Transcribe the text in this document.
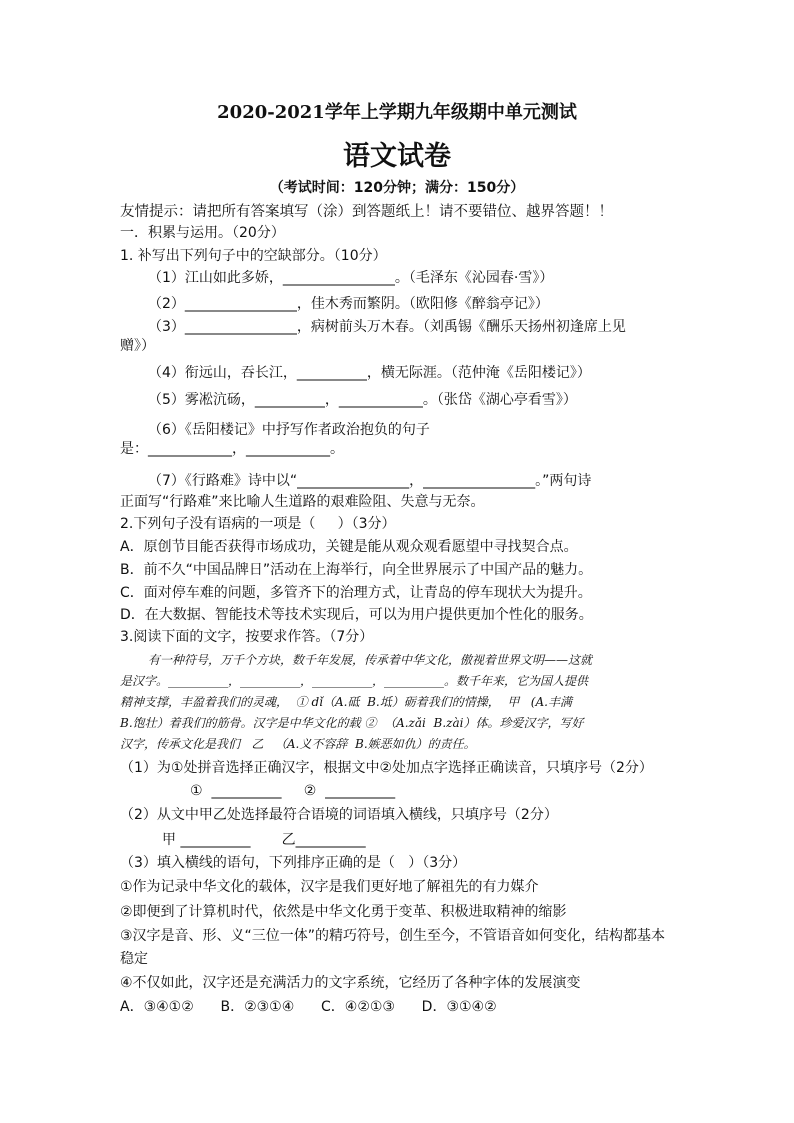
2020-2021学年上学期九年级期中单元测试
语文试卷
（考试时间：120分钟；满分：150分）
友情提示：请把所有答案填写（涂）到答题纸上！请不要错位、越界答题！！
一．积累与运用。（20分）
1. 补写出下列句子中的空缺部分。（10分）
（1）江山如此多娇，________________。（毛泽东《沁园春·雪》）
（2）________________，佳木秀而繁阴。（欧阳修《醉翁亭记》）
（3）________________，病树前头万木春。（刘禹锡《酬乐天扬州初逢席上见
赠》）
（4）衔远山，吞长江，__________，横无际涯。（范仲淹《岳阳楼记》）
（5）雾凇沆砀，__________，____________。（张岱《湖心亭看雪》）
（6）《岳阳楼记》中抒写作者政治抱负的句子
是：____________，____________。
（7）《行路难》诗中以“________________，________________。”两句诗
正面写“行路难”来比喻人生道路的艰难险阻、失意与无奈。
2.下列句子没有语病的一项是（     ）（3分）
A．原创节目能否获得市场成功，关键是能从观众观看愿望中寻找契合点。
B．前不久“中国品牌日”活动在上海举行，向全世界展示了中国产品的魅力。
C．面对停车难的问题，多管齐下的治理方式，让青岛的停车现状大为提升。
D．在大数据、智能技术等技术实现后，可以为用户提供更加个性化的服务。
3.阅读下面的文字，按要求作答。（7分）
有一种符号，万千个方块，数千年发展，传承着中华文化，傲视着世界文明——这就
是汉字。__________，__________，__________，__________。数千年来，它为国人提供
精神支撑，丰盈着我们的灵魂，  ① dǐ（A.砥  B.坻）砺着我们的情操，  甲   (A.丰满
B.饱壮）着我们的筋骨。汉字是中华文化的载 ②  （A.zǎi  B.zài）体。珍爱汉字，写好
汉字，传承文化是我们   乙   （A.义不容辞  B.嫉恶如仇）的责任。
（1）为①处拼音选择正确汉字，根据文中②处加点字选择正确读音，只填序号（2分）
①  __________     ②  __________
（2）从文中甲乙处选择最符合语境的词语填入横线，只填序号（2分）
甲 __________       乙__________
（3）填入横线的语句，下列排序正确的是（   ）（3分）
①作为记录中华文化的载体，汉字是我们更好地了解祖先的有力媒介
②即便到了计算机时代，依然是中华文化勇于变革、积极进取精神的缩影
③汉字是音、形、义“三位一体”的精巧符号，创生至今，不管语音如何变化，结构都基本
稳定
④不仅如此，汉字还是充满活力的文字系统，它经历了各种字体的发展演变
A．③④①②      B．②③①④      C．④②①③      D．③①④②
